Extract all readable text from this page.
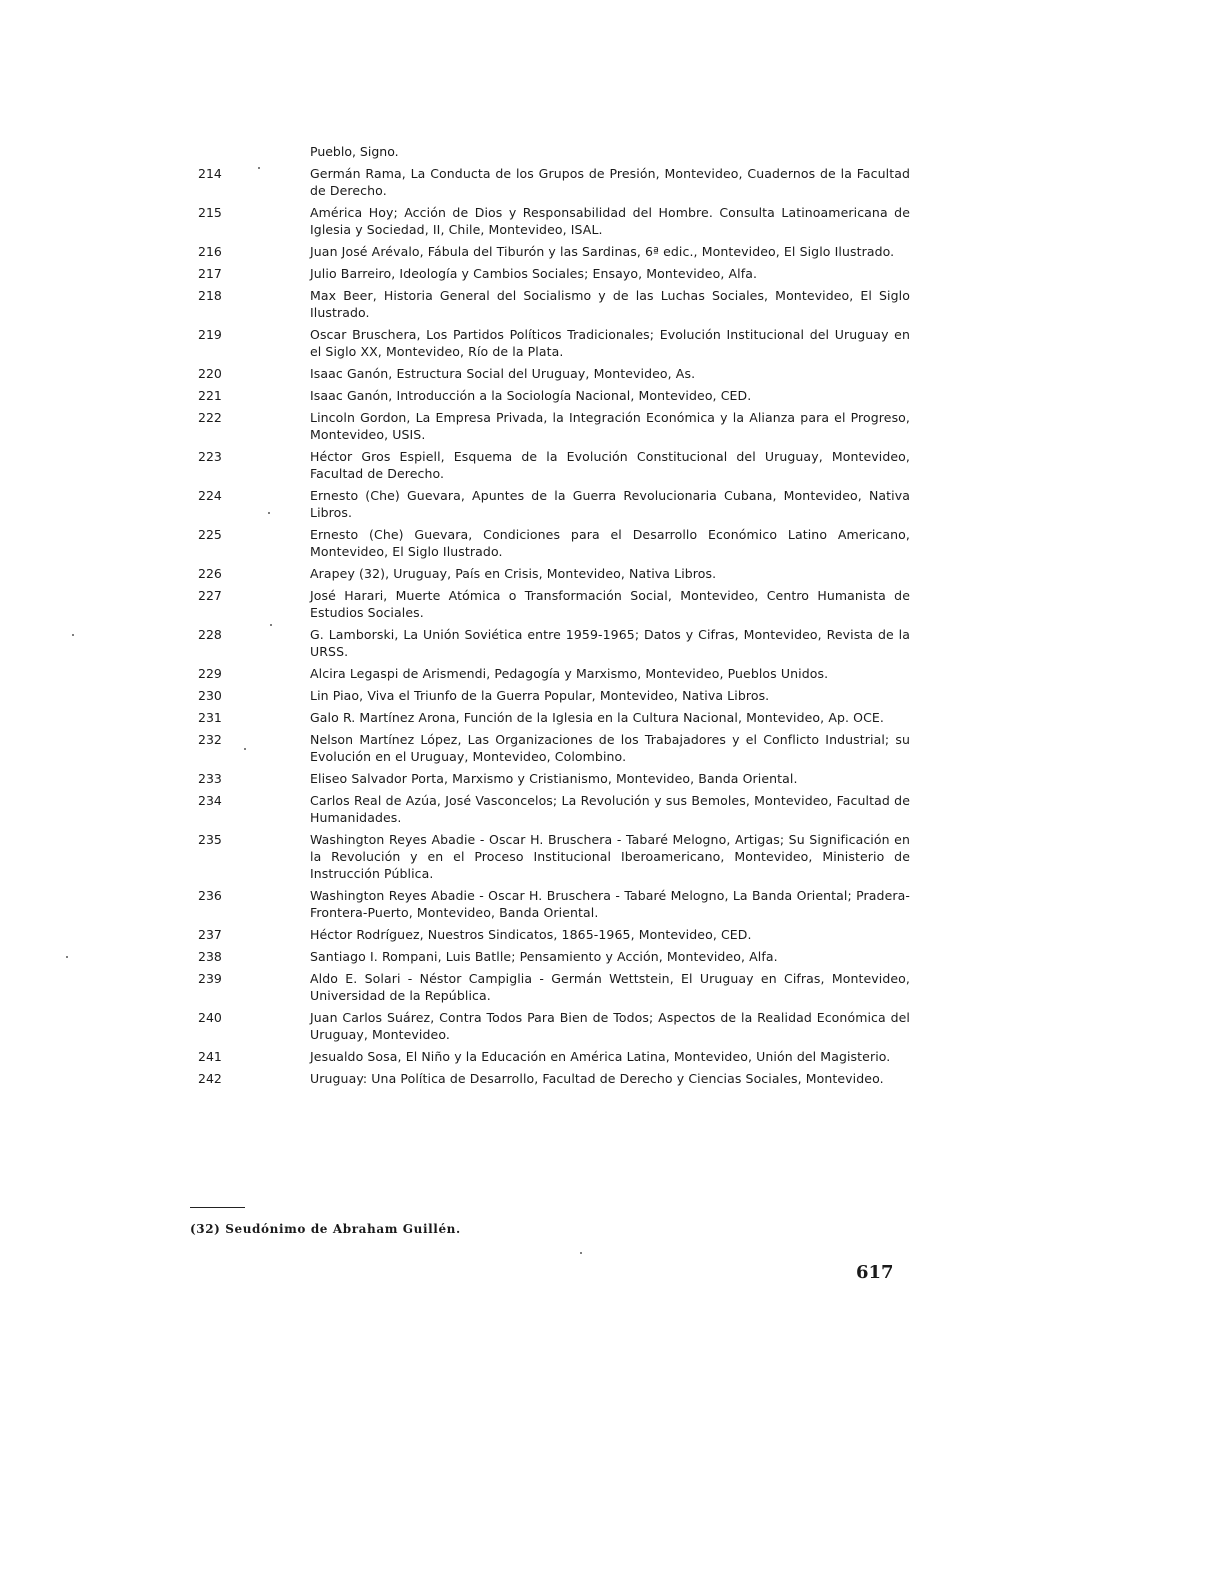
Pueblo, Signo.
214	Germán Rama, La Conducta de los Grupos de Presión, Montevideo, Cuadernos de la Facultad de Derecho.
215	América Hoy; Acción de Dios y Responsabilidad del Hombre. Consulta Latinoamericana de Iglesia y Sociedad, II, Chile, Montevideo, ISAL.
216	Juan José Arévalo, Fábula del Tiburón y las Sardinas, 6ª edic., Montevideo, El Siglo Ilustrado.
217	Julio Barreiro, Ideología y Cambios Sociales; Ensayo, Montevideo, Alfa.
218	Max Beer, Historia General del Socialismo y de las Luchas Sociales, Montevideo, El Siglo Ilustrado.
219	Oscar Bruschera, Los Partidos Políticos Tradicionales; Evolución Institucional del Uruguay en el Siglo XX, Montevideo, Río de la Plata.
220	Isaac Ganón, Estructura Social del Uruguay, Montevideo, As.
221	Isaac Ganón, Introducción a la Sociología Nacional, Montevideo, CED.
222	Lincoln Gordon, La Empresa Privada, la Integración Económica y la Alianza para el Progreso, Montevideo, USIS.
223	Héctor Gros Espiell, Esquema de la Evolución Constitucional del Uruguay, Montevideo, Facultad de Derecho.
224	Ernesto (Che) Guevara, Apuntes de la Guerra Revolucionaria Cubana, Montevideo, Nativa Libros.
225	Ernesto (Che) Guevara, Condiciones para el Desarrollo Económico Latino Americano, Montevideo, El Siglo Ilustrado.
226	Arapey (32), Uruguay, País en Crisis, Montevideo, Nativa Libros.
227	José Harari, Muerte Atómica o Transformación Social, Montevideo, Centro Humanista de Estudios Sociales.
228	G. Lamborski, La Unión Soviética entre 1959-1965; Datos y Cifras, Montevideo, Revista de la URSS.
229	Alcira Legaspi de Arismendi, Pedagogía y Marxismo, Montevideo, Pueblos Unidos.
230	Lin Piao, Viva el Triunfo de la Guerra Popular, Montevideo, Nativa Libros.
231	Galo R. Martínez Arona, Función de la Iglesia en la Cultura Nacional, Montevideo, Ap. OCE.
232	Nelson Martínez López, Las Organizaciones de los Trabajadores y el Conflicto Industrial; su Evolución en el Uruguay, Montevideo, Colombino.
233	Eliseo Salvador Porta, Marxismo y Cristianismo, Montevideo, Banda Oriental.
234	Carlos Real de Azúa, José Vasconcelos; La Revolución y sus Bemoles, Montevideo, Facultad de Humanidades.
235	Washington Reyes Abadie - Oscar H. Bruschera - Tabaré Melogno, Artigas; Su Significación en la Revolución y en el Proceso Institucional Iberoamericano, Montevideo, Ministerio de Instrucción Pública.
236	Washington Reyes Abadie - Oscar H. Bruschera - Tabaré Melogno, La Banda Oriental; Pradera-Frontera-Puerto, Montevideo, Banda Oriental.
237	Héctor Rodríguez, Nuestros Sindicatos, 1865-1965, Montevideo, CED.
238	Santiago I. Rompani, Luis Batlle; Pensamiento y Acción, Montevideo, Alfa.
239	Aldo E. Solari - Néstor Campiglia - Germán Wettstein, El Uruguay en Cifras, Montevideo, Universidad de la República.
240	Juan Carlos Suárez, Contra Todos Para Bien de Todos; Aspectos de la Realidad Económica del Uruguay, Montevideo.
241	Jesualdo Sosa, El Niño y la Educación en América Latina, Montevideo, Unión del Magisterio.
242	Uruguay: Una Política de Desarrollo, Facultad de Derecho y Ciencias Sociales, Montevideo.
(32) Seudónimo de Abraham Guillén.
617
